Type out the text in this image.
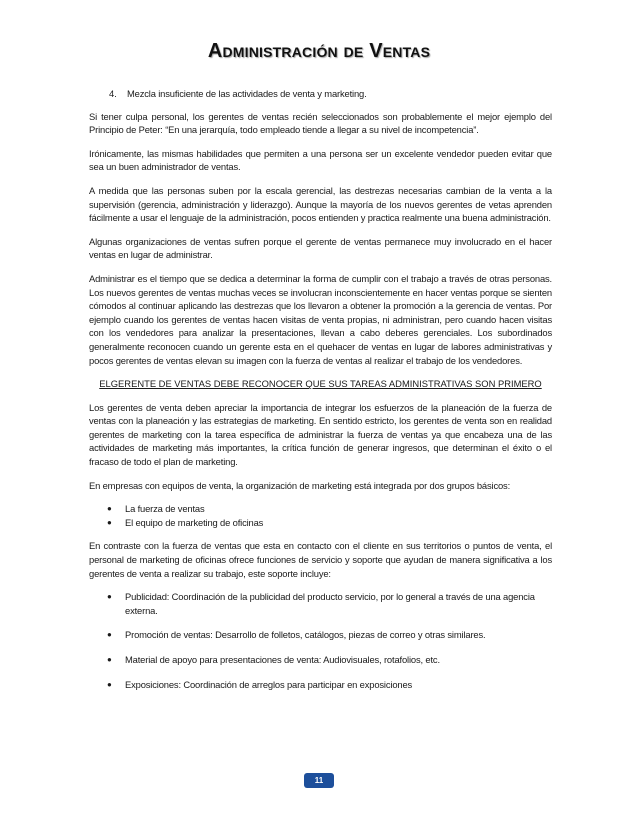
Administración de Ventas
4.	Mezcla insuficiente de las actividades de venta y marketing.

Si tener culpa personal, los gerentes de ventas recién seleccionados son probablemente el mejor ejemplo del Principio de Peter: “En una jerarquía, todo empleado tiende a llegar a su nivel de incompetencia”.

Irónicamente, las mismas habilidades que permiten a una persona ser un excelente vendedor pueden evitar que sea un buen administrador de ventas.

A medida que las personas suben por la escala gerencial, las destrezas necesarias cambian de la venta a la supervisión (gerencia, administración y liderazgo). Aunque la mayoría de los nuevos gerentes de vetas aprenden fácilmente a usar el lenguaje de la administración, pocos entienden y practica realmente una buena administración.

Algunas organizaciones de ventas sufren porque el gerente de ventas permanece muy involucrado en el hacer ventas en lugar de administrar.

Administrar es el tiempo que se dedica a determinar la forma de cumplir con el trabajo a través de otras personas. Los nuevos gerentes de ventas muchas veces se involucran inconscientemente en hacer ventas porque se sienten cómodos al continuar aplicando las destrezas que los llevaron a obtener la promoción a la gerencia de ventas. Por ejemplo cuando los gerentes de ventas hacen visitas de venta propias, ni administran, pero cuando hacen visitas con los vendedores para analizar la presentaciones, llevan a cabo deberes gerenciales. Los subordinados generalmente reconocen cuando un gerente esta en el quehacer de ventas en lugar de labores administrativas y pocos gerentes de ventas elevan su imagen con la fuerza de ventas al realizar el trabajo de los vendedores.

ELGERENTE DE VENTAS DEBE RECONOCER QUE SUS TAREAS ADMINISTRATIVAS SON PRIMERO

Los gerentes de venta deben apreciar la importancia de integrar los esfuerzos de la planeación de la fuerza de ventas con la planeación y las estrategias de marketing. En sentido estricto, los gerentes de venta son en realidad gerentes de marketing con la tarea específica de administrar la fuerza de ventas ya que encabeza una de las actividades de marketing más importantes, la crítica función de generar ingresos, que determinan el éxito o el fracaso de todo el plan de marketing.

En empresas con equipos de venta, la organización de marketing está integrada por dos grupos básicos:

●	La fuerza de ventas
●	El equipo de marketing de oficinas

En contraste con la fuerza de ventas que esta en contacto con el cliente en sus territorios o puntos de venta, el personal de marketing de oficinas ofrece funciones de servicio y soporte que ayudan de manera significativa a los gerentes de venta a realizar su trabajo, este soporte incluye:

●	Publicidad: Coordinación de la publicidad del producto servicio, por lo general a través de una agencia externa.
●	Promoción de ventas: Desarrollo de folletos, catálogos, piezas de correo y otras similares.
●	Material de apoyo para presentaciones de venta: Audiovisuales, rotafolios, etc.
●	Exposiciones: Coordinación de arreglos para participar en exposiciones
11
